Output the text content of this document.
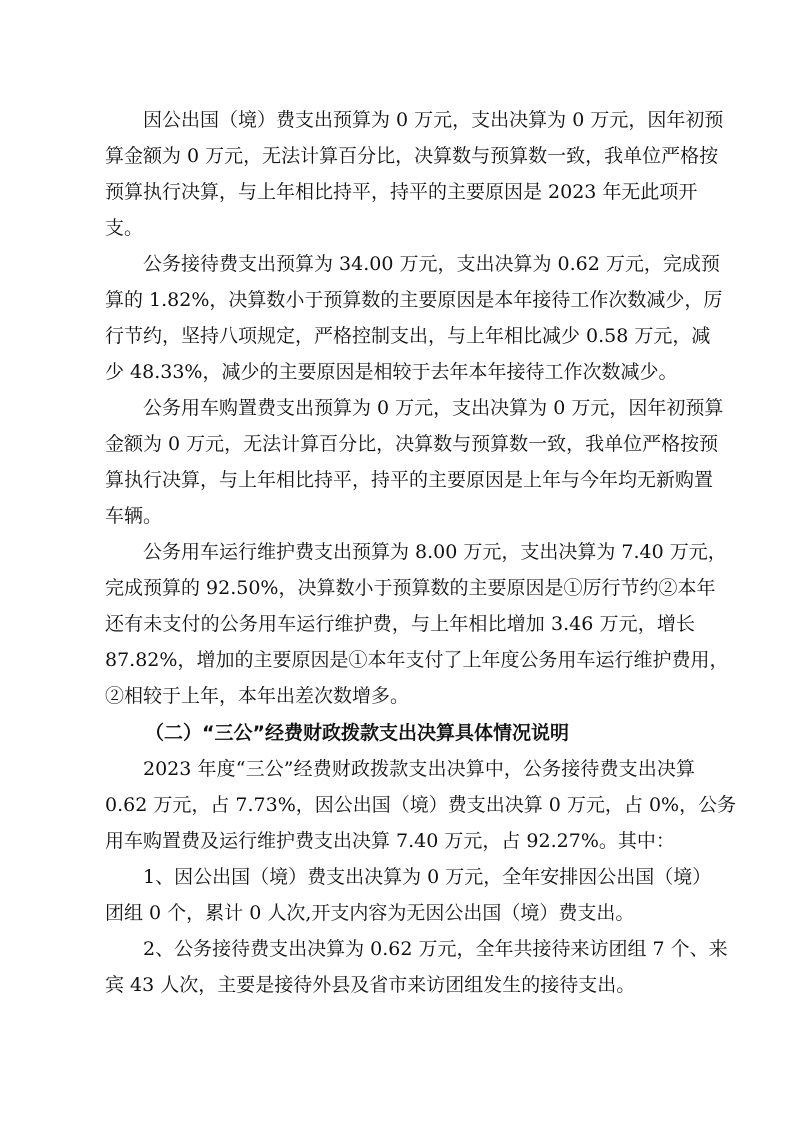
因公出国（境）费支出预算为 0 万元，支出决算为 0 万元，因年初预
算金额为 0 万元，无法计算百分比，决算数与预算数一致，我单位严格按
预算执行决算，与上年相比持平，持平的主要原因是 2023 年无此项开
支。
公务接待费支出预算为 34.00 万元，支出决算为 0.62 万元，完成预
算的 1.82%，决算数小于预算数的主要原因是本年接待工作次数减少，厉
行节约，坚持八项规定，严格控制支出，与上年相比减少 0.58 万元，减
少 48.33%，减少的主要原因是相较于去年本年接待工作次数减少。
公务用车购置费支出预算为 0 万元，支出决算为 0 万元，因年初预算
金额为 0 万元，无法计算百分比，决算数与预算数一致，我单位严格按预
算执行决算，与上年相比持平，持平的主要原因是上年与今年均无新购置
车辆。
公务用车运行维护费支出预算为 8.00 万元，支出决算为 7.40 万元，
完成预算的 92.50%，决算数小于预算数的主要原因是①厉行节约②本年
还有未支付的公务用车运行维护费，与上年相比增加 3.46 万元，增长
87.82%，增加的主要原因是①本年支付了上年度公务用车运行维护费用，
②相较于上年，本年出差次数增多。
（二）“三公”经费财政拨款支出决算具体情况说明
2023 年度“三公”经费财政拨款支出决算中，公务接待费支出决算
0.62 万元，占 7.73%，因公出国（境）费支出决算 0 万元，占 0%，公务
用车购置费及运行维护费支出决算 7.40 万元，占 92.27%。其中：
1、因公出国（境）费支出决算为 0 万元，全年安排因公出国（境）
团组 0 个，累计 0 人次,开支内容为无因公出国（境）费支出。
2、公务接待费支出决算为 0.62 万元，全年共接待来访团组 7 个、来
宾 43 人次，主要是接待外县及省市来访团组发生的接待支出。
